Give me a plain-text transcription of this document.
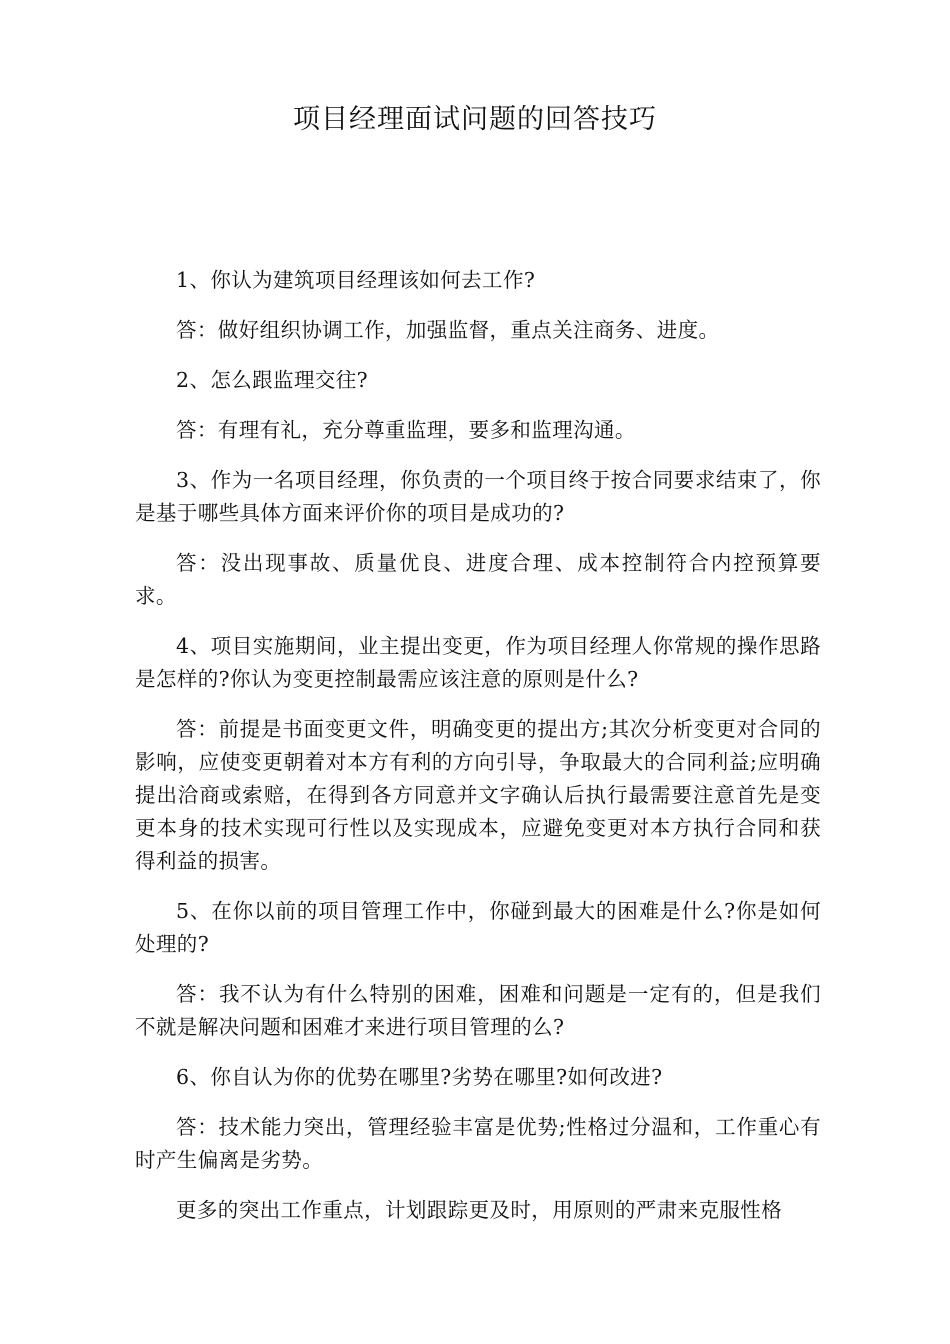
项目经理面试问题的回答技巧

1、你认为建筑项目经理该如何去工作?

答：做好组织协调工作，加强监督，重点关注商务、进度。

2、怎么跟监理交往?

答：有理有礼，充分尊重监理，要多和监理沟通。

3、作为一名项目经理，你负责的一个项目终于按合同要求结束了，你是基于哪些具体方面来评价你的项目是成功的?

答：没出现事故、质量优良、进度合理、成本控制符合内控预算要求。

4、项目实施期间，业主提出变更，作为项目经理人你常规的操作思路是怎样的?你认为变更控制最需应该注意的原则是什么?

答：前提是书面变更文件，明确变更的提出方;其次分析变更对合同的影响，应使变更朝着对本方有利的方向引导，争取最大的合同利益;应明确提出洽商或索赔，在得到各方同意并文字确认后执行最需要注意首先是变更本身的技术实现可行性以及实现成本，应避免变更对本方执行合同和获得利益的损害。

5、在你以前的项目管理工作中，你碰到最大的困难是什么?你是如何处理的?

答：我不认为有什么特别的困难，困难和问题是一定有的，但是我们不就是解决问题和困难才来进行项目管理的么?

6、你自认为你的优势在哪里?劣势在哪里?如何改进?

答：技术能力突出，管理经验丰富是优势;性格过分温和，工作重心有时产生偏离是劣势。

更多的突出工作重点，计划跟踪更及时，用原则的严肃来克服性格
